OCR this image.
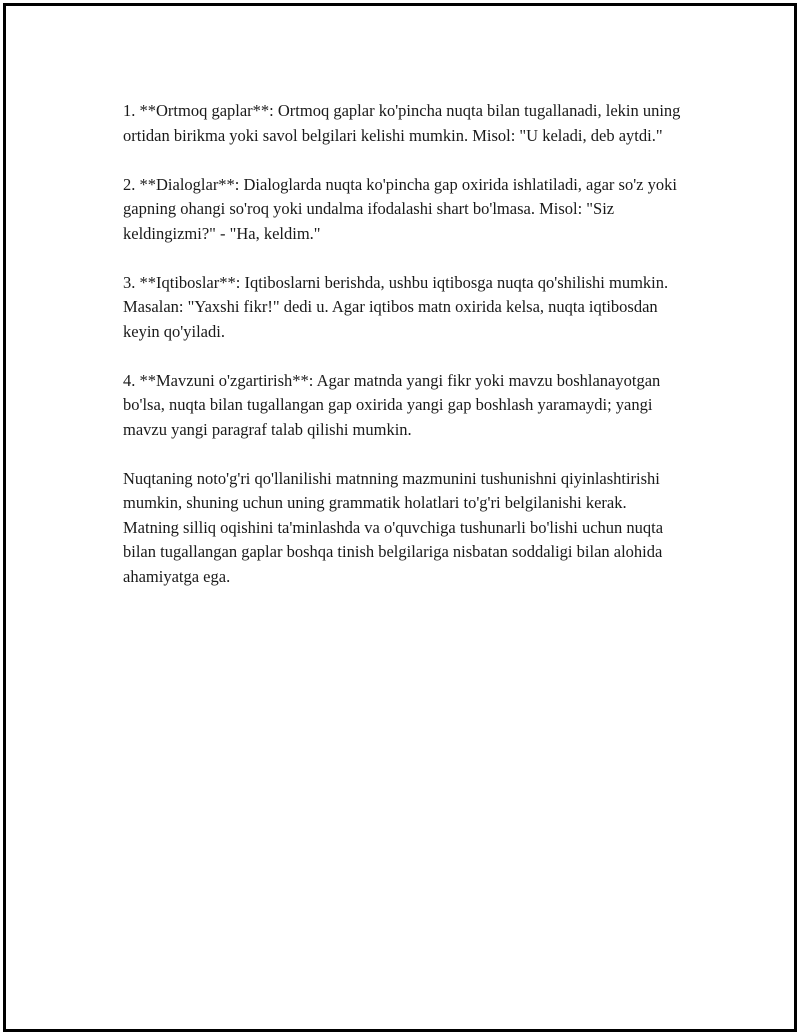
1. **Ortmoq gaplar**: Ortmoq gaplar ko'pincha nuqta bilan tugallanadi, lekin uning ortidan birikma yoki savol belgilari kelishi mumkin. Misol: "U keladi, deb aytdi."

2. **Dialoglar**: Dialoglarda nuqta ko'pincha gap oxirida ishlatiladi, agar so'z yoki gapning ohangi so'roq yoki undalma ifodalashi shart bo'lmasa. Misol: "Siz keldingizmi?" - "Ha, keldim."

3. **Iqtiboslar**: Iqtiboslarni berishda, ushbu iqtibosga nuqta qo'shilishi mumkin. Masalan: "Yaxshi fikr!" dedi u. Agar iqtibos matn oxirida kelsa, nuqta iqtibosdan keyin qo'yiladi.

4. **Mavzuni o'zgartirish**: Agar matnda yangi fikr yoki mavzu boshlanayotgan bo'lsa, nuqta bilan tugallangan gap oxirida yangi gap boshlash yaramaydi; yangi mavzu yangi paragraf talab qilishi mumkin.

Nuqtaning noto'g'ri qo'llanilishi matnning mazmunini tushunishni qiyinlashtirishi mumkin, shuning uchun uning grammatik holatlari to'g'ri belgilanishi kerak. Matning silliq oqishini ta'minlashda va o'quvchiga tushunarli bo'lishi uchun nuqta bilan tugallangan gaplar boshqa tinish belgilariga nisbatan soddaligi bilan alohida ahamiyatga ega.
